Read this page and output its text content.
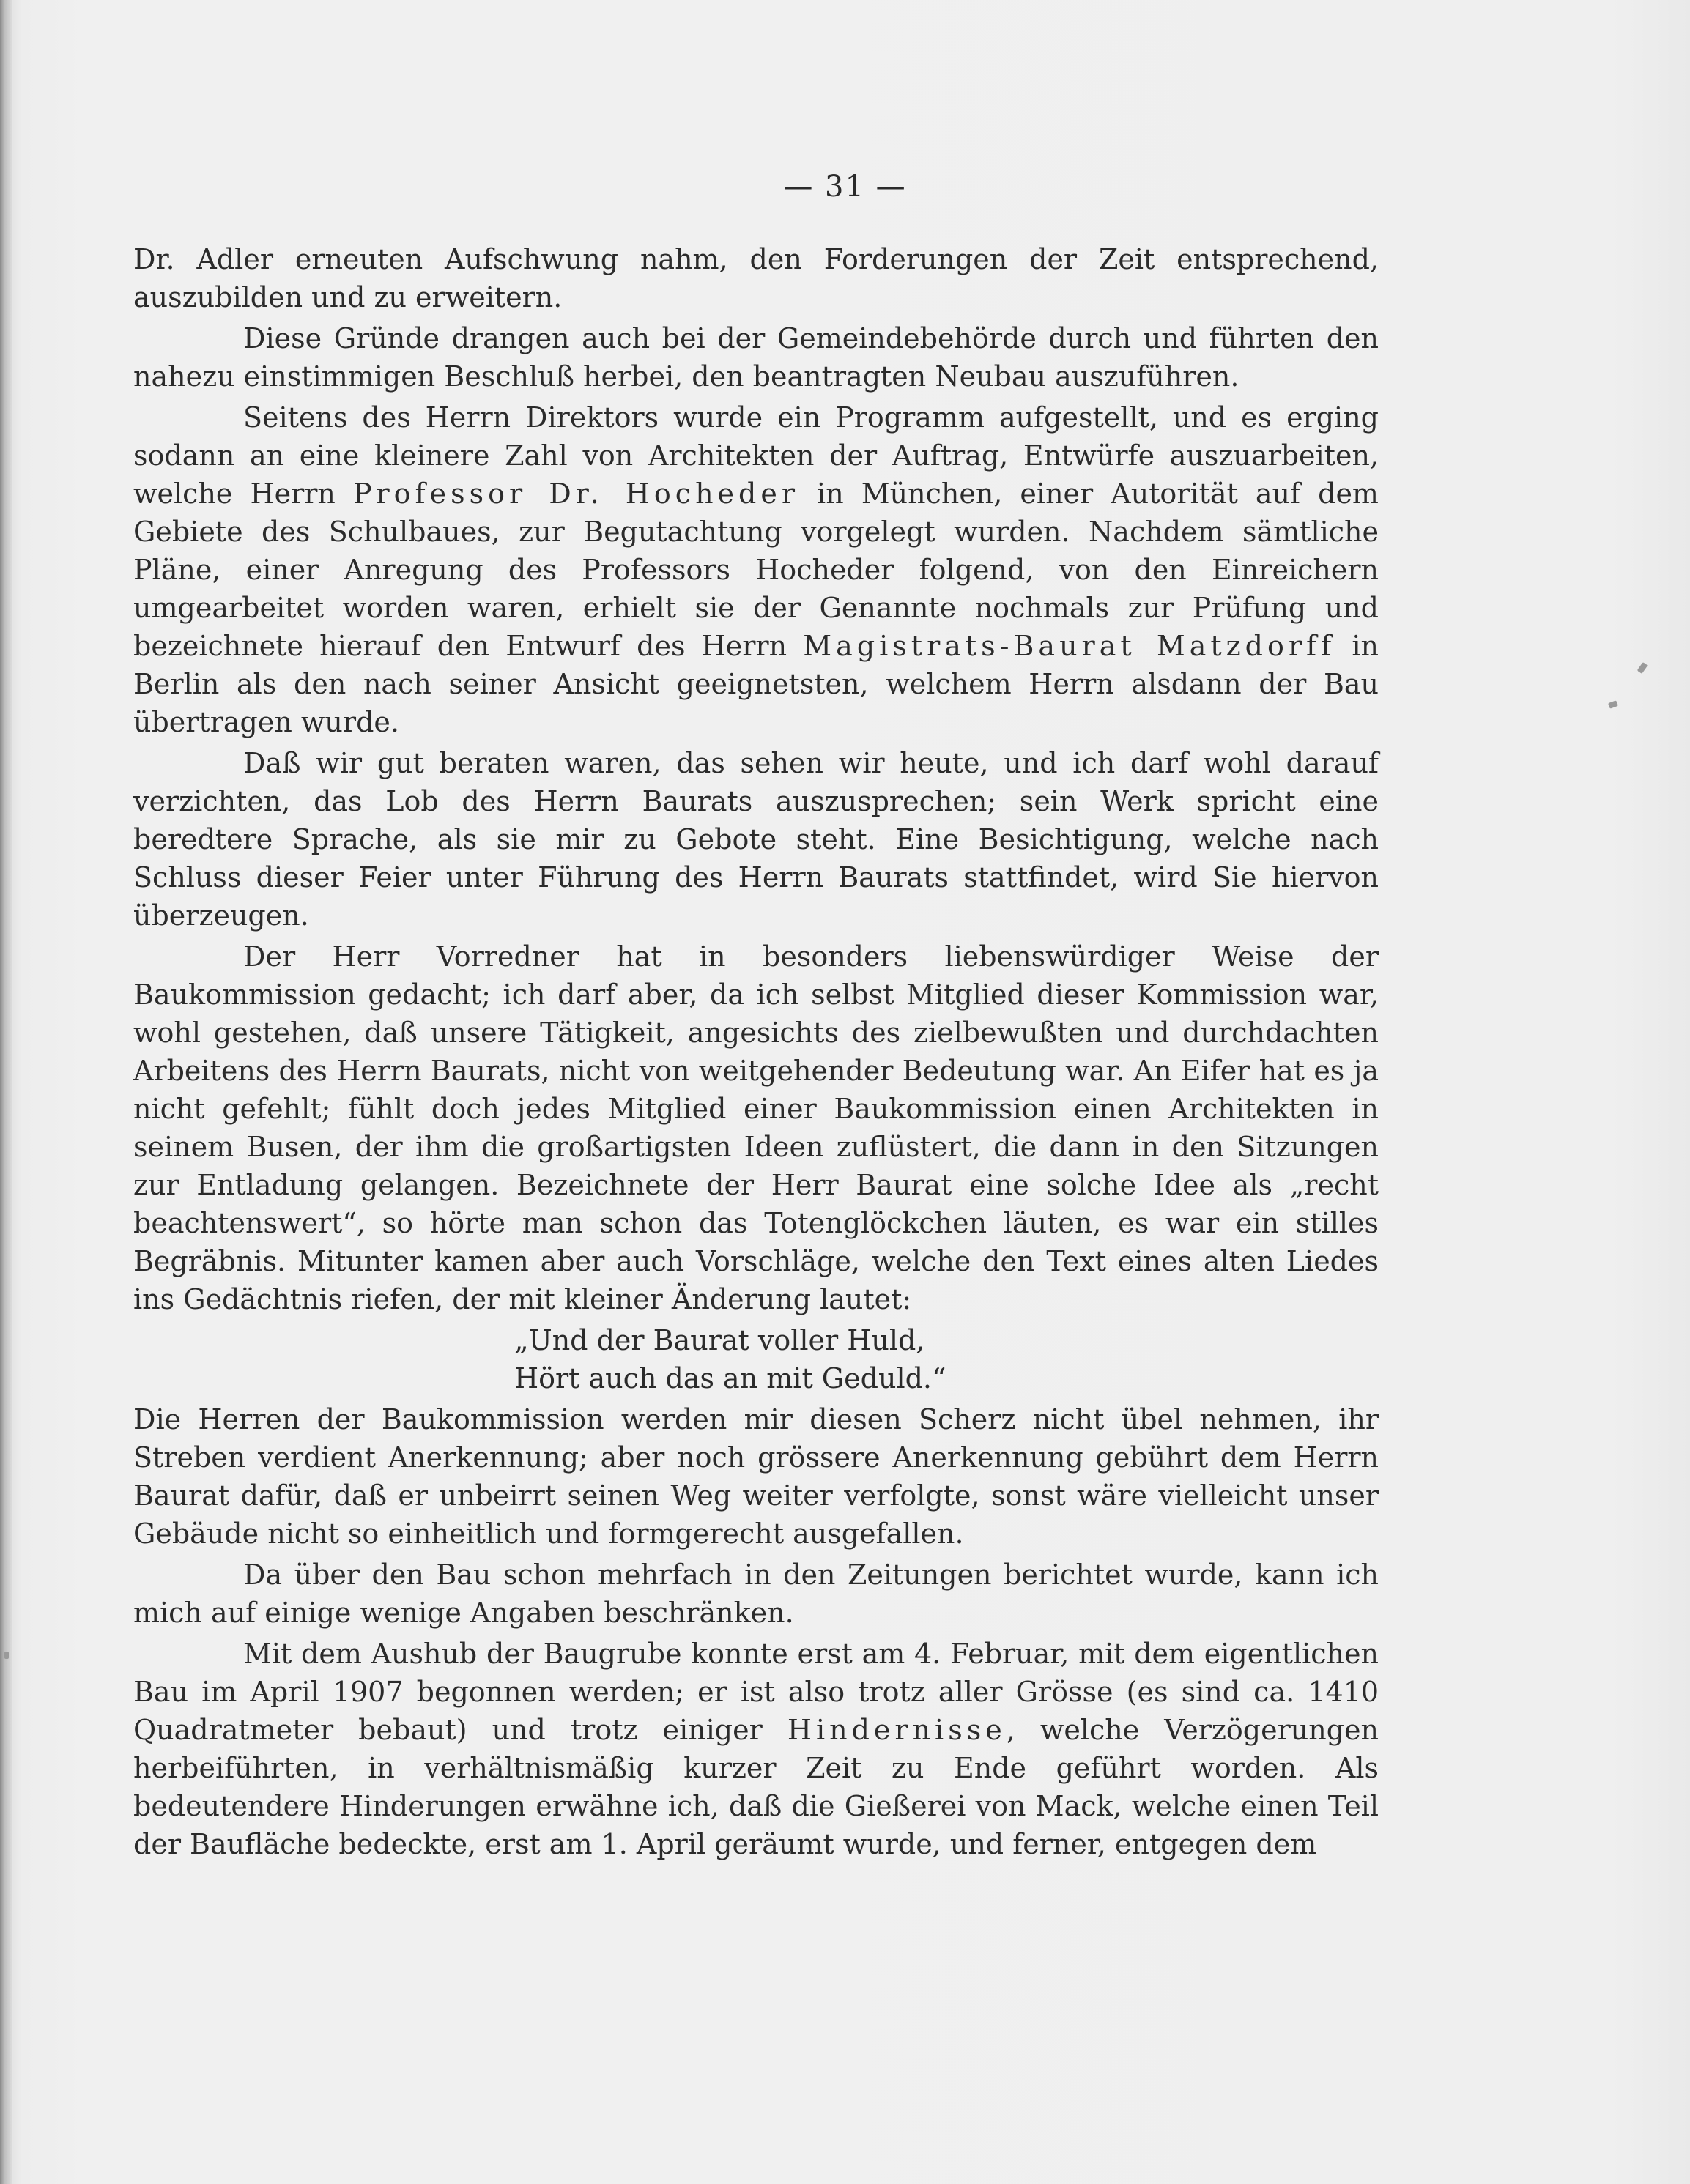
— 31 —

Dr. Adler erneuten Aufschwung nahm, den Forderungen der Zeit entsprechend, auszubilden und zu erweitern.

Diese Gründe drangen auch bei der Gemeindebehörde durch und führten den nahezu einstimmigen Beschluß herbei, den beantragten Neubau auszuführen.

Seitens des Herrn Direktors wurde ein Programm aufgestellt, und es erging sodann an eine kleinere Zahl von Architekten der Auftrag, Entwürfe auszuarbeiten, welche Herrn Professor Dr. Hocheder in München, einer Autorität auf dem Gebiete des Schulbaues, zur Begutachtung vorgelegt wurden. Nachdem sämtliche Pläne, einer Anregung des Professors Hocheder folgend, von den Einreichern umgearbeitet worden waren, erhielt sie der Genannte nochmals zur Prüfung und bezeichnete hierauf den Entwurf des Herrn Magistrats-Baurat Matzdorff in Berlin als den nach seiner Ansicht geeignetsten, welchem Herrn alsdann der Bau übertragen wurde.

Daß wir gut beraten waren, das sehen wir heute, und ich darf wohl darauf verzichten, das Lob des Herrn Baurats auszusprechen; sein Werk spricht eine beredtere Sprache, als sie mir zu Gebote steht. Eine Besichtigung, welche nach Schluss dieser Feier unter Führung des Herrn Baurats stattfindet, wird Sie hiervon überzeugen.

Der Herr Vorredner hat in besonders liebenswürdiger Weise der Baukommission gedacht; ich darf aber, da ich selbst Mitglied dieser Kommission war, wohl gestehen, daß unsere Tätigkeit, angesichts des zielbewußten und durchdachten Arbeitens des Herrn Baurats, nicht von weitgehender Bedeutung war. An Eifer hat es ja nicht gefehlt; fühlt doch jedes Mitglied einer Baukommission einen Architekten in seinem Busen, der ihm die großartigsten Ideen zuflüstert, die dann in den Sitzungen zur Entladung gelangen. Bezeichnete der Herr Baurat eine solche Idee als „recht beachtenswert“, so hörte man schon das Totenglöckchen läuten, es war ein stilles Begräbnis. Mitunter kamen aber auch Vorschläge, welche den Text eines alten Liedes ins Gedächtnis riefen, der mit kleiner Änderung lautet:

„Und der Baurat voller Huld,
Hört auch das an mit Geduld.“

Die Herren der Baukommission werden mir diesen Scherz nicht übel nehmen, ihr Streben verdient Anerkennung; aber noch grössere Anerkennung gebührt dem Herrn Baurat dafür, daß er unbeirrt seinen Weg weiter verfolgte, sonst wäre vielleicht unser Gebäude nicht so einheitlich und formgerecht ausgefallen.

Da über den Bau schon mehrfach in den Zeitungen berichtet wurde, kann ich mich auf einige wenige Angaben beschränken.

Mit dem Aushub der Baugrube konnte erst am 4. Februar, mit dem eigentlichen Bau im April 1907 begonnen werden; er ist also trotz aller Grösse (es sind ca. 1410 Quadratmeter bebaut) und trotz einiger Hindernisse, welche Verzögerungen herbeiführten, in verhältnismäßig kurzer Zeit zu Ende geführt worden. Als bedeutendere Hinderungen erwähne ich, daß die Gießerei von Mack, welche einen Teil der Baufläche bedeckte, erst am 1. April geräumt wurde, und ferner, entgegen dem
